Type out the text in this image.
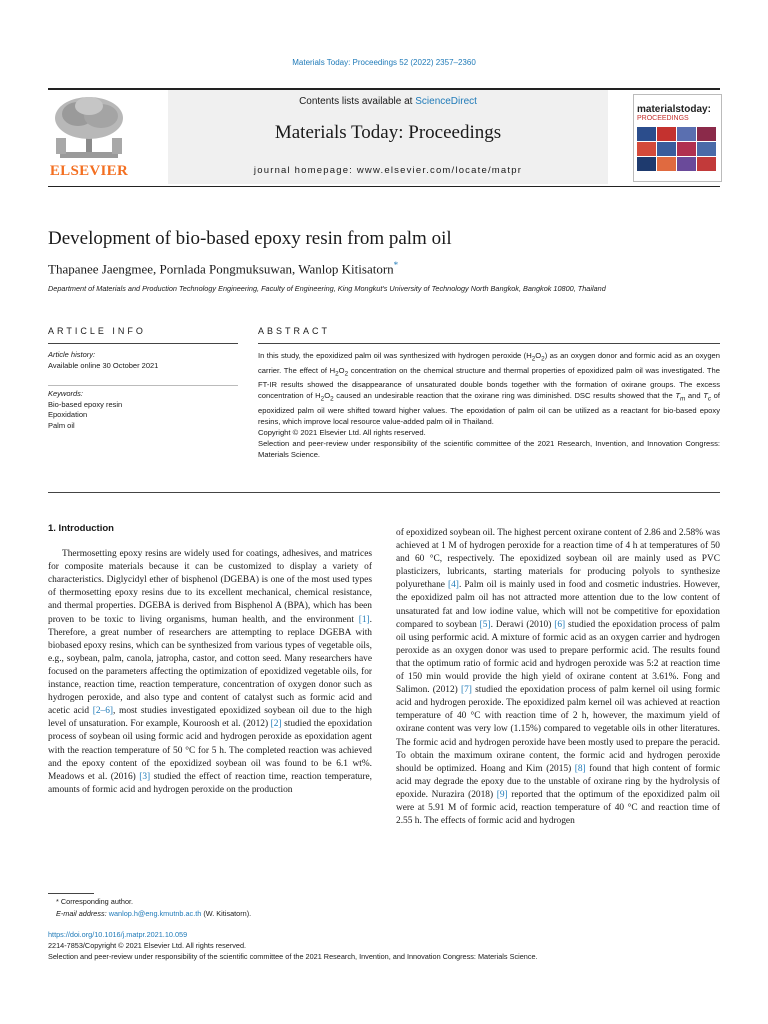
Materials Today: Proceedings 52 (2022) 2357–2360
ELSEVIER
Contents lists available at ScienceDirect
Materials Today: Proceedings
journal homepage: www.elsevier.com/locate/matpr
materialstoday:
PROCEEDINGS
Development of bio-based epoxy resin from palm oil
Thapanee Jaengmee, Pornlada Pongmuksuwan, Wanlop Kitisatorn*
Department of Materials and Production Technology Engineering, Faculty of Engineering, King Mongkut's University of Technology North Bangkok, Bangkok 10800, Thailand
ARTICLE INFO
Article history:
Available online 30 October 2021
Keywords:
Bio-based epoxy resin
Epoxidation
Palm oil
ABSTRACT

In this study, the epoxidized palm oil was synthesized with hydrogen peroxide $(H_2O_2)$ as an oxygen donor and formic acid as an oxygen carrier. The effect of $H_2O_2$ concentration on the chemical structure and thermal properties of epoxidized palm oil was investigated. The FT-IR results showed the disappearance of unsaturated double bonds together with the formation of oxirane groups. The excess concentration of $H_2O_2$ caused an undesirable reaction that the oxirane ring was diminished. DSC results showed that the $T_m$ and $T_c$ of epoxidized palm oil were shifted toward higher values. The epoxidation of palm oil can be utilized as a reactant for bio-based epoxy resins, which improve local resource value-added palm oil in Thailand.

Copyright © 2021 Elsevier Ltd. All rights reserved.

Selection and peer-review under responsibility of the scientific committee of the 2021 Research, Invention, and Innovation Congress: Materials Science.

1. Introduction

Thermosetting epoxy resins are widely used for coatings, adhesives, and matrices for composite materials because it can be customized to display a variety of characteristics. Diglycidyl ether of bisphenol (DGEBA) is one of the most used types of thermosetting epoxy resins due to its excellent mechanical, chemical resistance, and thermal properties. DGEBA is derived from Bisphenol A (BPA), which has been proven to be toxic to living organisms, human health, and the environment [1]. Therefore, a great number of researchers are attempting to replace DGEBA with biobased epoxy resins, which can be synthesized from various types of vegetable oils, e.g., soybean, palm, canola, jatropha, castor, and cotton seed. Many researchers have focused on the parameters affecting the optimization of epoxidized vegetable oils, for instance, reaction time, reaction temperature, concentration of oxygen donor such as hydrogen peroxide, and also type and content of catalyst such as formic acid and acetic acid [2–6], most studies investigated epoxidized soybean oil due to the high level of unsaturation. For example, Kouroosh et al. (2012) [2] studied the epoxidation process of soybean oil using formic acid and hydrogen peroxide as epoxidation agent with the reaction temperature of 50 °C for 5 h. The completed reaction was achieved and the epoxy content of the epoxidized soybean oil was found to be 6.1 wt%. Meadows et al. (2016) [3] studied the effect of reaction time, reaction temperature, amounts of formic acid and hydrogen peroxide on the production

of epoxidized soybean oil. The highest percent oxirane content of 2.86 and 2.58% was achieved at 1 M of hydrogen peroxide for a reaction time of 4 h at temperatures of 50 and 60 °C, respectively. The epoxidized soybean oil are mainly used as PVC plasticizers, lubricants, starting materials for producing polyols to synthesize polyurethane [4]. Palm oil is mainly used in food and cosmetic industries. However, the epoxidized palm oil has not attracted more attention due to the low content of unsaturated fat and low iodine value, which will not be competitive for epoxidation compared to soybean [5]. Derawi (2010) [6] studied the epoxidation process of palm oil using performic acid. A mixture of formic acid as an oxygen carrier and hydrogen peroxide as an oxygen donor was used to prepare performic acid. The results found that the optimum ratio of formic acid and hydrogen peroxide was 5:2 at reaction time of 150 min would provide the high yield of oxirane content at 3.61%. Fong and Salimon. (2012) [7] studied the epoxidation process of palm kernel oil using formic acid and hydrogen peroxide. The epoxidized palm kernel oil was achieved at reaction temperature of 40 °C with reaction time of 2 h, however, the maximum yield of oxirane content was very low (1.15%) compared to vegetable oils in other literatures. The formic acid and hydrogen peroxide have been mostly used to prepare the peracid. To obtain the maximum oxirane content, the formic acid and hydrogen peroxide should be optimized. Hoang and Kim (2015) [8] found that high content of formic acid may degrade the epoxy due to the unstable of oxirane ring by the hydrolysis of epoxide. Nurazira (2018) [9] reported that the optimum of the epoxidized palm oil were at 5.91 M of formic acid, reaction temperature of 40 °C and reaction time of 2.55 h. The effects of formic acid and hydrogen

* Corresponding author.
E-mail address: wanlop.h@eng.kmutnb.ac.th (W. Kitisatorn).
https://doi.org/10.1016/j.matpr.2021.10.059
2214-7853/Copyright © 2021 Elsevier Ltd. All rights reserved.
Selection and peer-review under responsibility of the scientific committee of the 2021 Research, Invention, and Innovation Congress: Materials Science.
